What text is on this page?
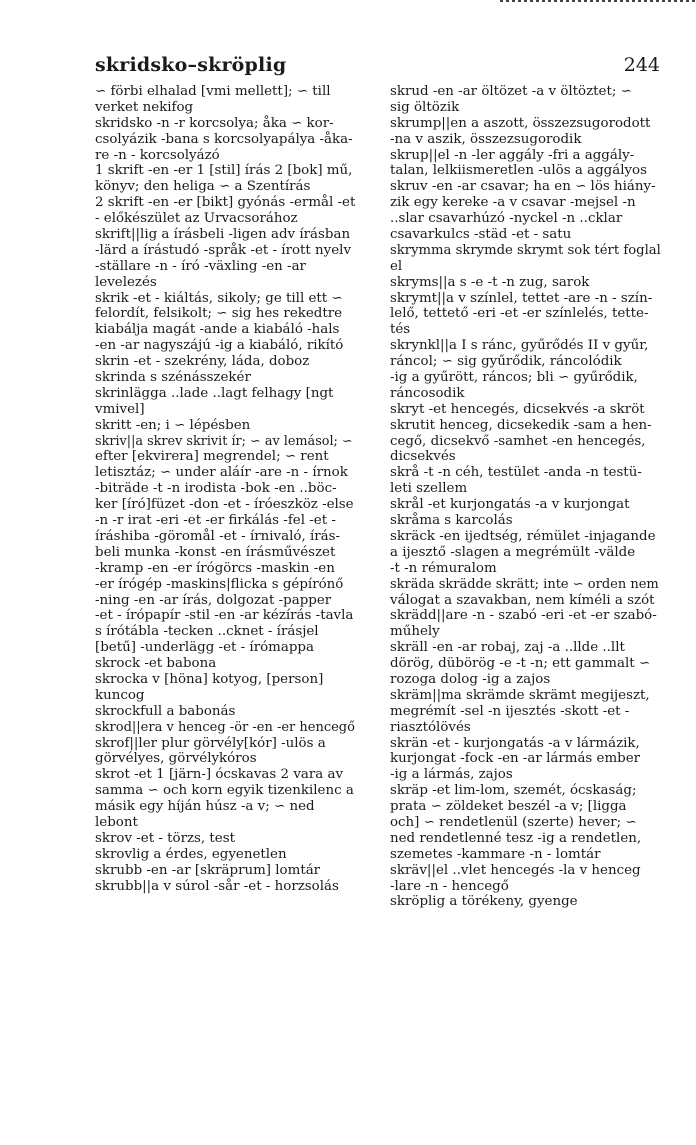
skridsko–skröplig	244
∽ förbi elhalad [vmi mellett]; ∽ till
verket nekifog
skridsko -n -r korcsolya; åka ∽ kor-
csolyázik -bana s korcsolyapálya -åka-
re -n - korcsolyázó
1 skrift -en -er 1 [stil] írás 2 [bok] mű,
könyv; den heliga ∽ a Szentírás
2 skrift -en -er [bikt] gyónás -ermål -et
- előkészület az Urvacsorához
skrift||lig a írásbeli -ligen adv írásban
-lärd a írástudó -språk -et - írott nyelv
-ställare -n - író -växling -en -ar
levelezés
skrik -et - kiáltás, sikoly; ge till ett ∽
felordít, felsikolt; ∽ sig hes rekedtre
kiabálja magát -ande a kiabáló -hals
-en -ar nagyszájú -ig a kiabáló, rikító
skrin -et - szekrény, láda, doboz
skrinda s szénásszekér
skrinlägga ..lade ..lagt felhagy [ngt
vmivel]
skritt -en; i ∽ lépésben
skriv||a skrev skrivit ír; ∽ av lemásol; ∽
efter [ekvirera] megrendel; ∽ rent
letisztáz; ∽ under aláír -are -n - írnok
-biträde -t -n irodista -bok -en ..böc-
ker [író]füzet -don -et - íróeszköz -else
-n -r irat -eri -et -er firkálás -fel -et -
íráshiba -göromål -et - írnivaló, írás-
beli munka -konst -en írásművészet
-kramp -en -er írógörcs -maskin -en
-er írógép -maskins|flicka s gépírónő
-ning -en -ar írás, dolgozat -papper
-et - írópapír -stil -en -ar kézírás -tavla
s írótábla -tecken ..cknet - írásjel
[betű] -underlägg -et - írómappa
skrock -et babona
skrocka v [höna] kotyog, [person]
kuncog
skrockfull a babonás
skrod||era v henceg -ör -en -er hencegő
skrof||ler plur görvély[kór] -ulös a
görvélyes, görvélykóros
skrot -et 1 [järn-] ócskavas 2 vara av
samma ∽ och korn egyik tizenkilenc a
másik egy híján húsz -a v; ∽ ned
lebont
skrov -et - törzs, test
skrovlig a érdes, egyenetlen
skrubb -en -ar [skräprum] lomtár
skrubb||a v súrol -sår -et - horzsolás
skrud -en -ar öltözet -a v öltöztet; ∽
sig öltözik
skrump||en a aszott, összezsugorodott
-na v aszik, összezsugorodik
skrup||el -n -ler aggály -fri a aggály-
talan, lelkiismeretlen -ulös a aggályos
skruv -en -ar csavar; ha en ∽ lös hiány-
zik egy kereke -a v csavar -mejsel -n
..slar csavarhúzó -nyckel -n ..cklar
csavarkulcs -städ -et - satu
skrymma skrymde skrymt sok tért foglal
el
skryms||a s -e -t -n zug, sarok
skrymt||a v színlel, tettet -are -n - szín-
lelő, tettető -eri -et -er színlelés, tette-
tés
skrynkl||a I s ránc, gyűrődés II v gyűr,
ráncol; ∽ sig gyűrődik, ráncolódik
-ig a gyűrött, ráncos; bli ∽ gyűrődik,
ráncosodik
skryt -et hencegés, dicsekvés -a skröt
skrutit henceg, dicsekedik -sam a hen-
cegő, dicsekvő -samhet -en hencegés,
dicsekvés
skrå -t -n céh, testület -anda -n testü-
leti szellem
skrål -et kurjongatás -a v kurjongat
skråma s karcolás
skräck -en ijedtség, rémület -injagande
a ijesztő -slagen a megrémült -välde
-t -n rémuralom
skräda skrädde skrätt; inte ∽ orden nem
válogat a szavakban, nem kíméli a szót
skrädd||are -n - szabó -eri -et -er szabó-
műhely
skräll -en -ar robaj, zaj -a ..llde ..llt
dörög, dübörög -e -t -n; ett gammalt ∽
rozoga dolog -ig a zajos
skräm||ma skrämde skrämt megijeszt,
megrémít -sel -n ijesztés -skott -et -
riasztólövés
skrän -et - kurjongatás -a v lármázik,
kurjongat -fock -en -ar lármás ember
-ig a lármás, zajos
skräp -et lim-lom, szemét, ócskaság;
prata ∽ zöldeket beszél -a v; [ligga
och] ∽ rendetlenül (szerte) hever; ∽
ned rendetlenné tesz -ig a rendetlen,
szemetes -kammare -n - lomtár
skräv||el ..vlet hencegés -la v henceg
-lare -n - hencegő
skröplig a törékeny, gyenge
